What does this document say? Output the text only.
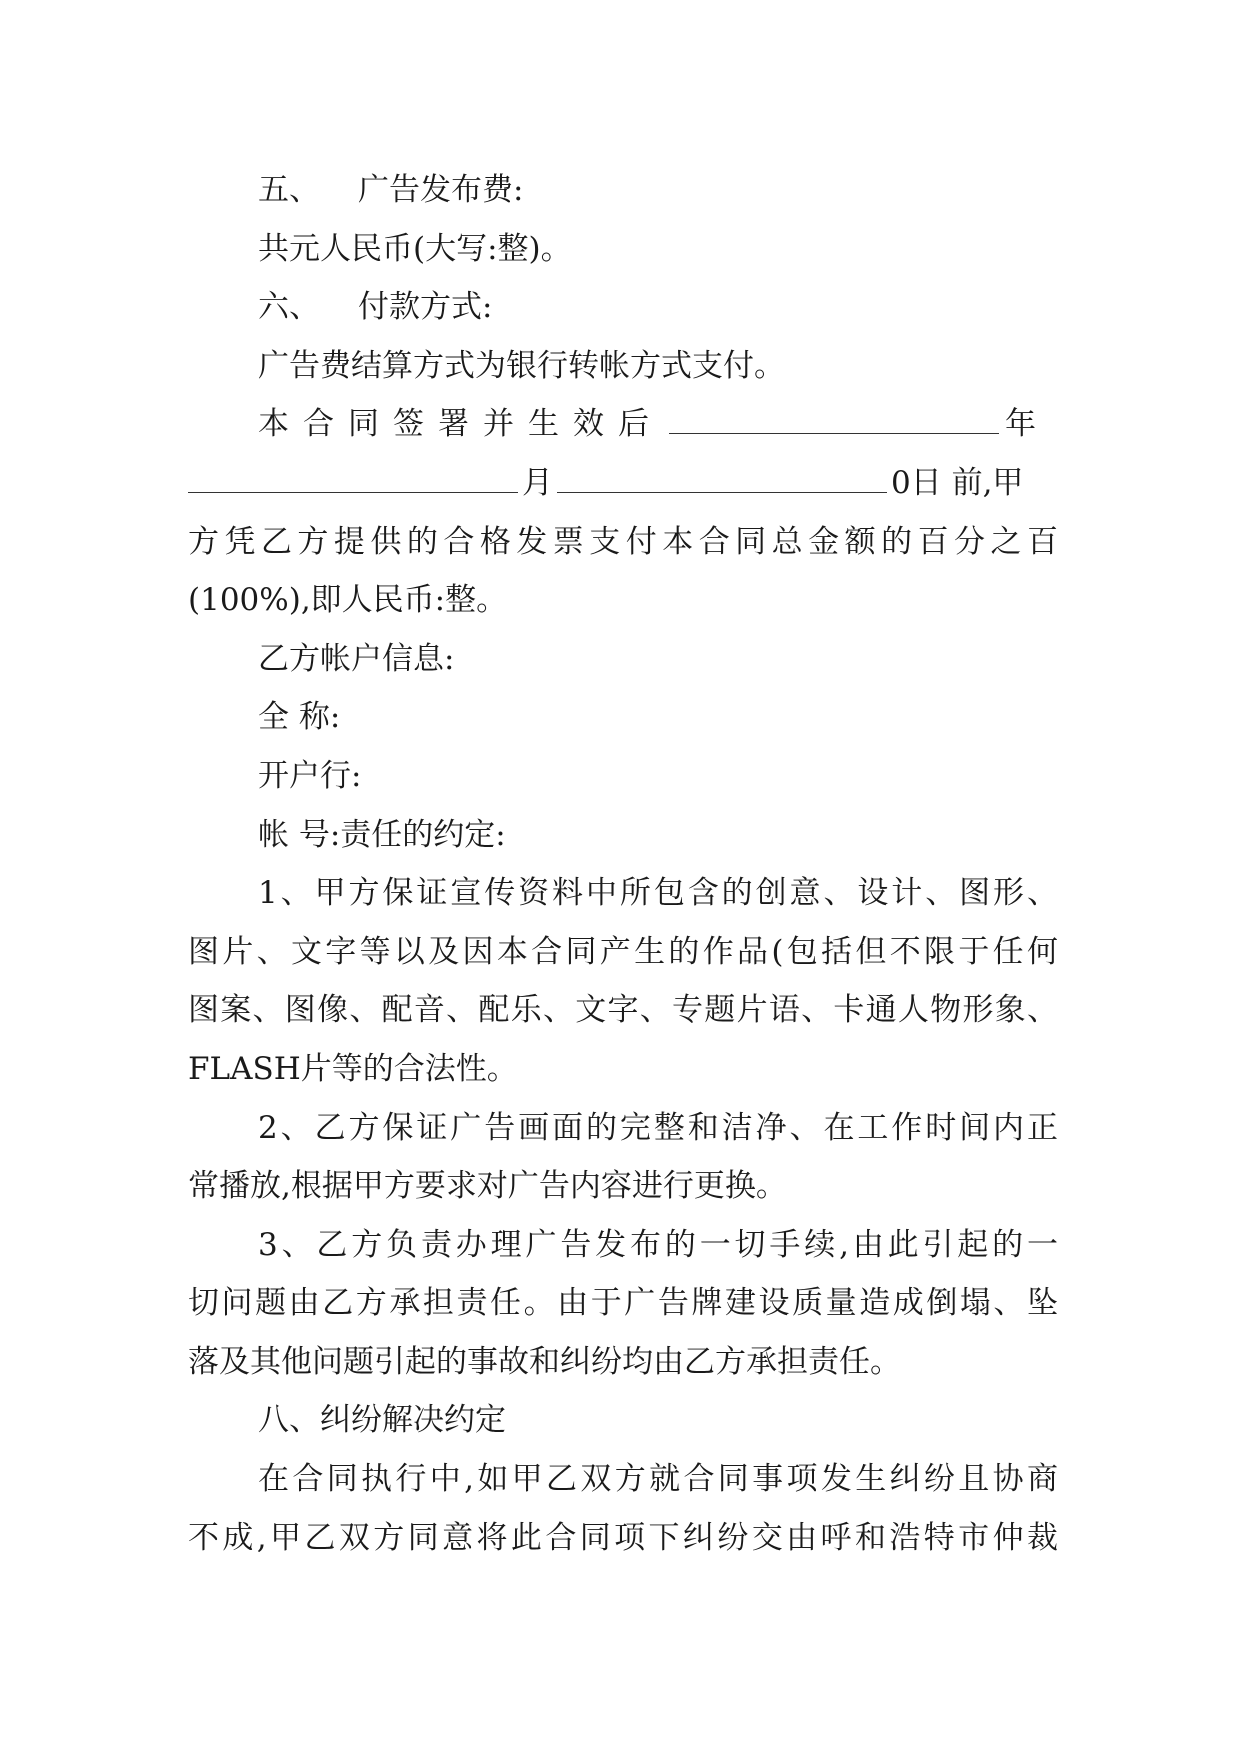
五、 广告发布费:
共元人民币(大写:整)。
六、 付款方式:
广告费结算方式为银行转帐方式支付。
本合同签署并生效后	年
月	0日 前,甲
方凭乙方提供的合格发票支付本合同总金额的百分之百
(100%),即人民币:整。
乙方帐户信息:
全 称:
开户行:
帐 号:责任的约定:
1、甲方保证宣传资料中所包含的创意、设计、图形、
图片、文字等以及因本合同产生的作品(包括但不限于任何
图案、图像、配音、配乐、文字、专题片语、卡通人物形象、
FLASH片等的合法性。
2、乙方保证广告画面的完整和洁净、在工作时间内正
常播放,根据甲方要求对广告内容进行更换。
3、乙方负责办理广告发布的一切手续,由此引起的一
切问题由乙方承担责任。由于广告牌建设质量造成倒塌、坠
落及其他问题引起的事故和纠纷均由乙方承担责任。
八、纠纷解决约定
在合同执行中,如甲乙双方就合同事项发生纠纷且协商
不成,甲乙双方同意将此合同项下纠纷交由呼和浩特市仲裁
